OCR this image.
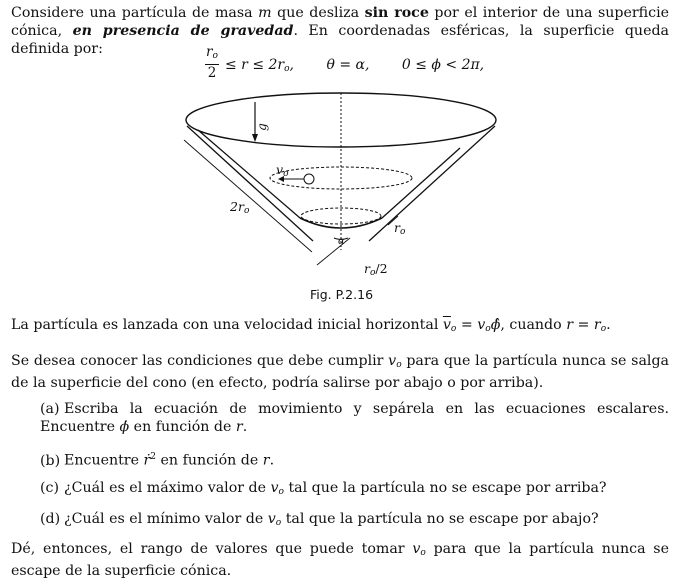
Considere una partícula de masa m que desliza sin roce por el interior de una superficie cónica, en presencia de gravedad. En coordenadas esféricas, la superficie queda definida por:	$\frac{r_o}{2} \le r \le 2ro$, θ = α, 0 ≤ ϕ < 2π,
g
$v_o$
$2r_o$
$r_o$
α
$r_o/2$
Fig. P.2.16

La partícula es lanzada con una velocidad inicial horizontal $\overline{v}_o$ = $v_o\phî$, cuando $r = r_o$.

Se desea conocer las condiciones que debe cumplir $v_o$ para que la partícula nunca se salga de la superficie del cono (en efecto, podría salirse por abajo o por arriba).

(a) Escriba la ecuación de movimiento y sepárela en las ecuaciones escalares. Encuentre ϕ̇ en función de r.

(b) Encuentre ṙ$^2$ en función de r.

(c) ¿Cuál es el máximo valor de $v_o$ tal que la partícula no se escape por arriba?

(d) ¿Cuál es el mínimo valor de $v_o$ tal que la partícula no se escape por abajo?

Dé, entonces, el rango de valores que puede tomar $v_o$ para que la partícula nunca se escape de la superficie cónica.
